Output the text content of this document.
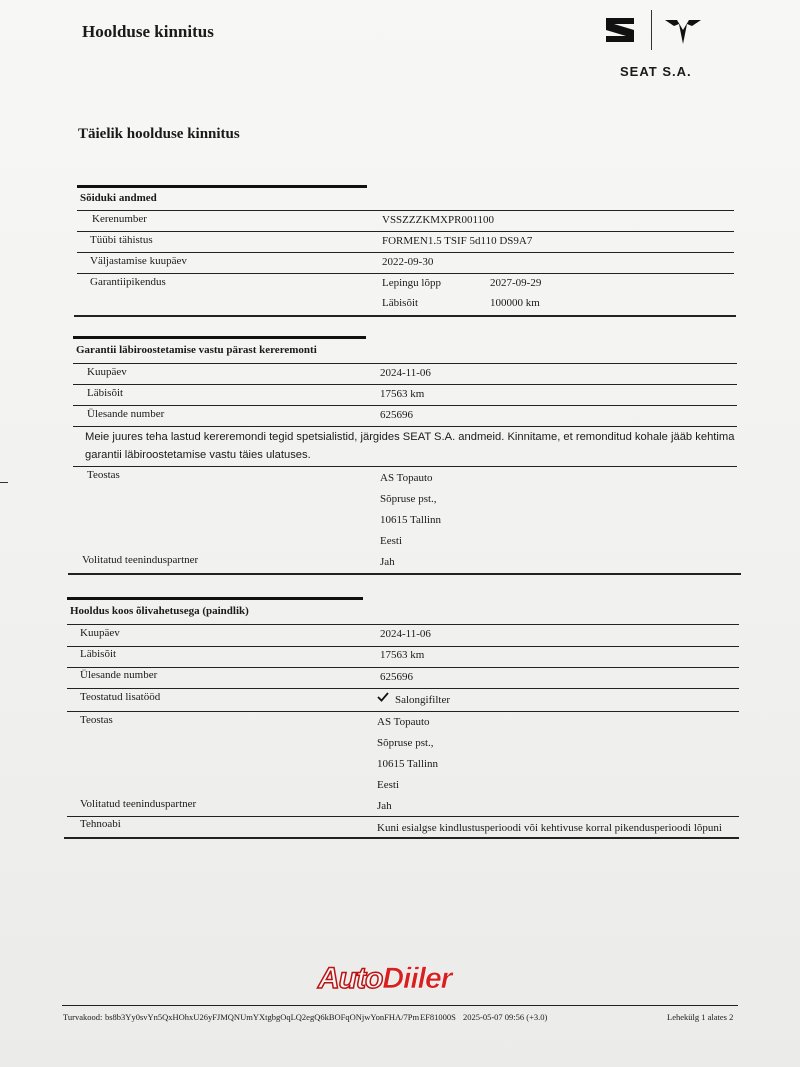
Hoolduse kinnitus
SEAT S.A.
Täielik hoolduse kinnitus
Sõiduki andmed
Kerenumber	VSSZZZKMXPR001100
Tüübi tähistus	FORMEN1.5 TSIF 5d110 DS9A7
Väljastamise kuupäev	2022-09-30
Garantiipikendus	Lepingu lõpp	2027-09-29
Läbisõit	100000 km
Garantii läbiroostetamise vastu pärast kereremonti
Kuupäev	2024-11-06
Läbisõit	17563 km
Ülesande number	625696
Meie juures teha lastud kereremondi tegid spetsialistid, järgides SEAT S.A. andmeid. Kinnitame, et remonditud kohale jääb kehtima garantii läbiroostetamise vastu täies ulatuses.
Teostas	AS Topauto
Sõpruse pst.,
10615 Tallinn
Eesti
Volitatud teeninduspartner	Jah
Hooldus koos õlivahetusega (paindlik)
Kuupäev	2024-11-06
Läbisõit	17563 km
Ülesande number	625696
Teostatud lisatööd	Salongifilter
Teostas	AS Topauto
Sõpruse pst.,
10615 Tallinn
Eesti
Volitatud teeninduspartner	Jah
Tehnoabi	Kuni esialgse kindlustusperioodi või kehtivuse korral pikendusperioodi lõpuni
AutoDiiler
Turvakood: bs8b3Yy0svYn5QxHOhxU26yFJMQNUmYXtgbgOqLQ2egQ6kBOFqONjwYonFHA/7Pm EF81000S 2025-05-07 09:56 (+3.0)	Lehekülg 1 alates 2
